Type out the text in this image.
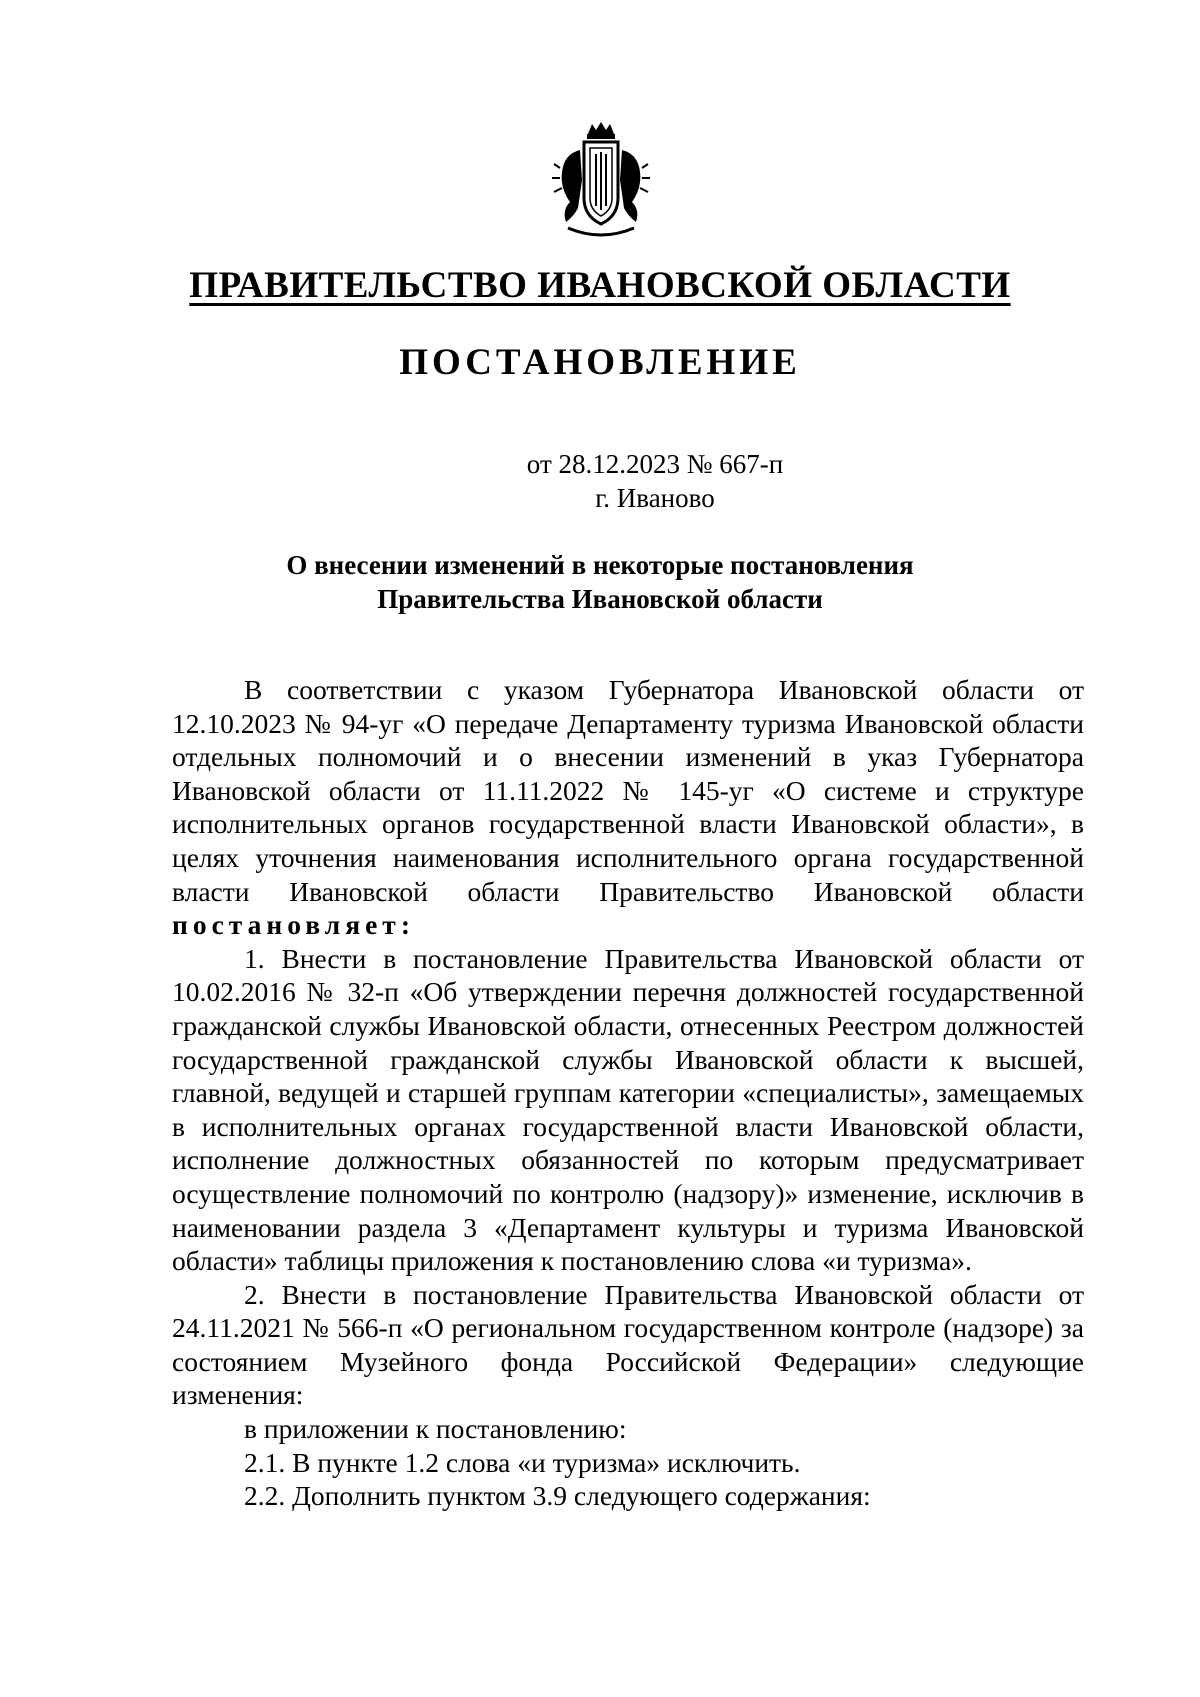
ПРАВИТЕЛЬСТВО ИВАНОВСКОЙ ОБЛАСТИ
ПОСТАНОВЛЕНИЕ
от 28.12.2023 № 667-п
г. Иваново
О внесении изменений в некоторые постановления
Правительства Ивановской области

В соответствии с указом Губернатора Ивановской области от 12.10.2023 № 94-уг «О передаче Департаменту туризма Ивановской области отдельных полномочий и о внесении изменений в указ Губернатора Ивановской области от 11.11.2022 № 145-уг «О системе и структуре исполнительных органов государственной власти Ивановской области», в целях уточнения наименования исполнительного органа государственной власти Ивановской области Правительство Ивановской области постановляет:

1. Внести в постановление Правительства Ивановской области от 10.02.2016 № 32-п «Об утверждении перечня должностей государственной гражданской службы Ивановской области, отнесенных Реестром должностей государственной гражданской службы Ивановской области к высшей, главной, ведущей и старшей группам категории «специалисты», замещаемых в исполнительных органах государственной власти Ивановской области, исполнение должностных обязанностей по которым предусматривает осуществление полномочий по контролю (надзору)» изменение, исключив в наименовании раздела 3 «Департамент культуры и туризма Ивановской области» таблицы приложения к постановлению слова «и туризма».

2. Внести в постановление Правительства Ивановской области от 24.11.2021 № 566-п «О региональном государственном контроле (надзоре) за состоянием Музейного фонда Российской Федерации» следующие изменения:

в приложении к постановлению:

2.1. В пункте 1.2 слова «и туризма» исключить.

2.2. Дополнить пунктом 3.9 следующего содержания:
